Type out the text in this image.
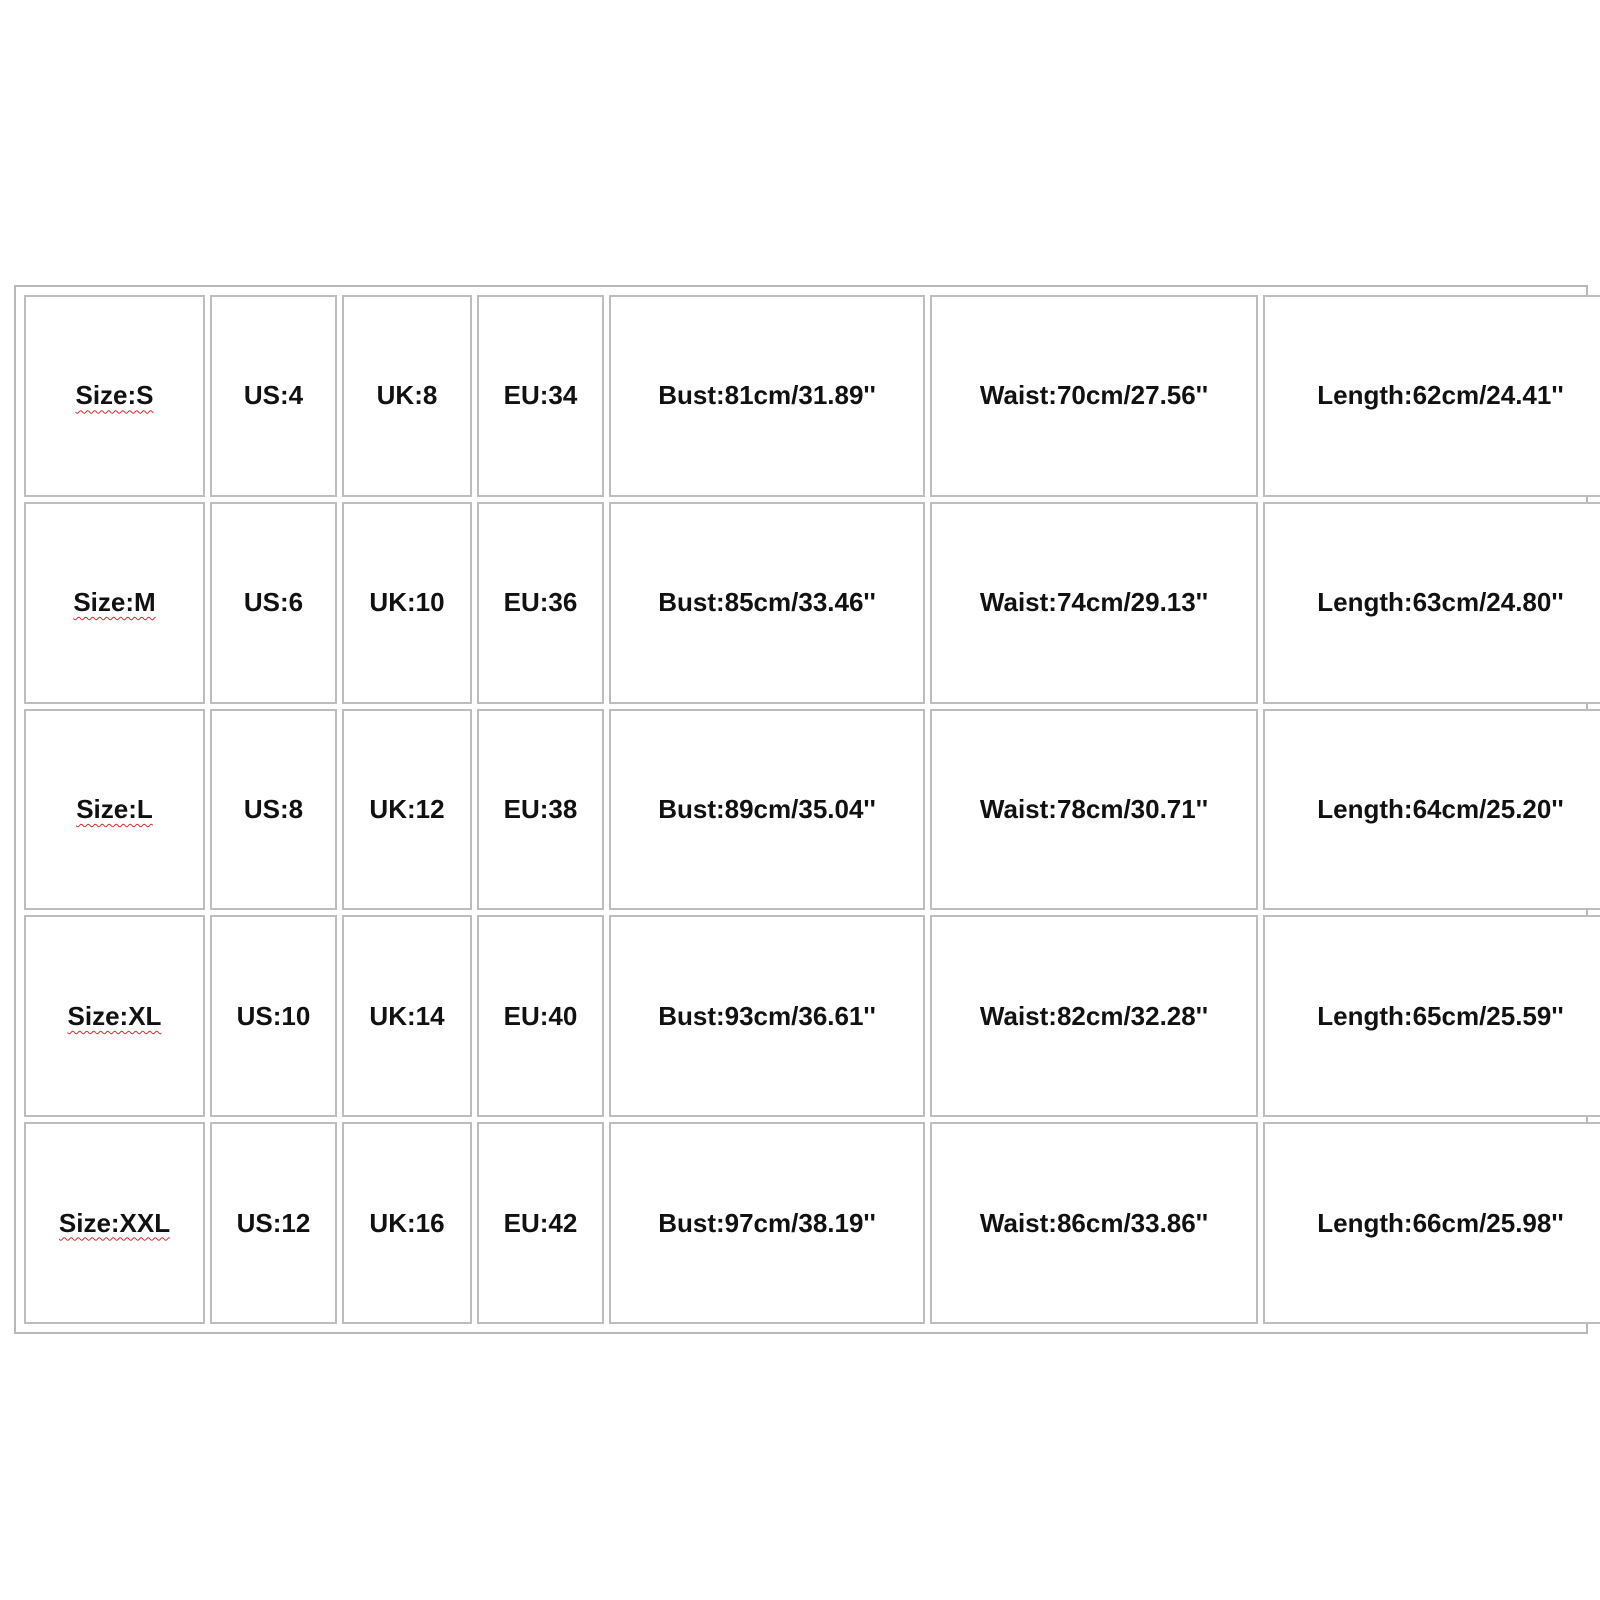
Size:S	US:4	UK:8	EU:34	Bust:81cm/31.89''	Waist:70cm/27.56''	Length:62cm/24.41''
Size:M	US:6	UK:10	EU:36	Bust:85cm/33.46''	Waist:74cm/29.13''	Length:63cm/24.80''
Size:L	US:8	UK:12	EU:38	Bust:89cm/35.04''	Waist:78cm/30.71''	Length:64cm/25.20''
Size:XL	US:10	UK:14	EU:40	Bust:93cm/36.61''	Waist:82cm/32.28''	Length:65cm/25.59''
Size:XXL	US:12	UK:16	EU:42	Bust:97cm/38.19''	Waist:86cm/33.86''	Length:66cm/25.98''
